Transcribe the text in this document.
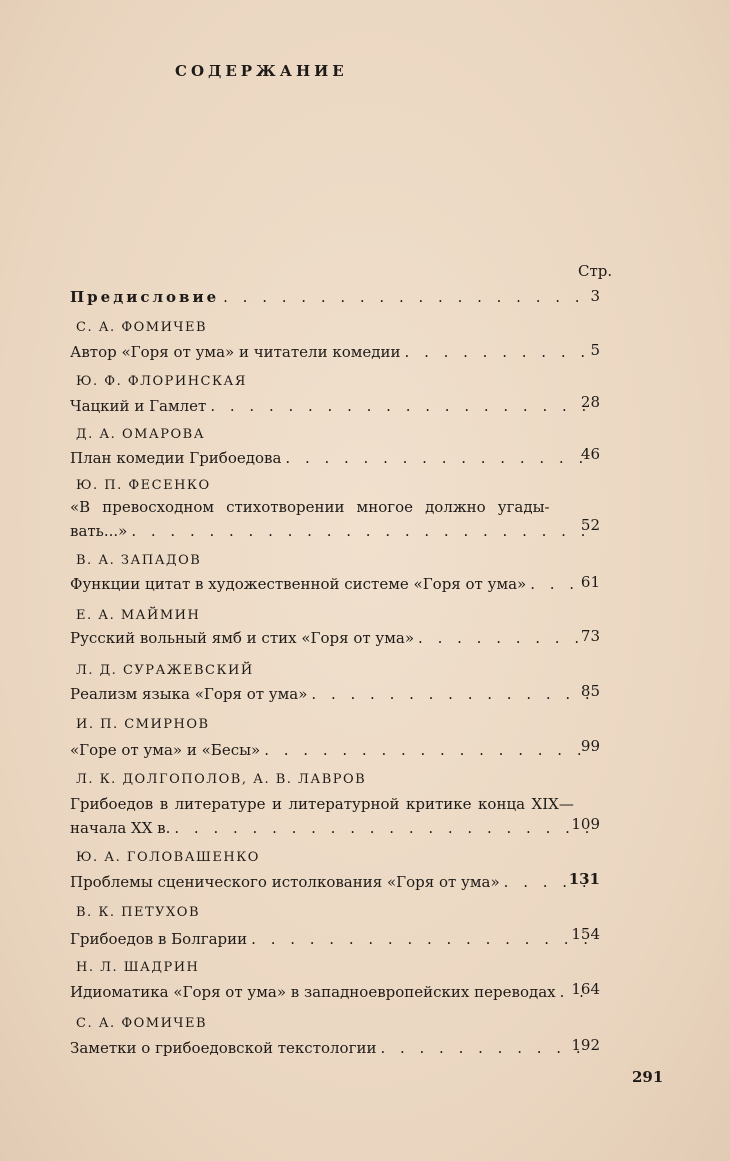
СОДЕРЖАНИЕ
Стр.
Предисловие . . .	3
С. А. ФОМИЧЕВ
Автор «Горя от ума» и читатели комедии . . .	5
Ю. Ф. ФЛОРИНСКАЯ
Чацкий и Гамлет . . .	28
Д. А. ОМАРОВА
План комедии Грибоедова . . .	46
Ю. П. ФЕСЕНКО
«В превосходном стихотворении многое должно угады-
вать...» . . .	52
В. А. ЗАПАДОВ
Функции цитат в художественной системе «Горя от ума» . . .	61
Е. А. МАЙМИН
Русский вольный ямб и стих «Горя от ума» . . .	73
Л. Д. СУРАЖЕВСКИЙ
Реализм языка «Горя от ума» . . .	85
И. П. СМИРНОВ
«Горе от ума» и «Бесы» . . .	99
Л. К. ДОЛГОПОЛОВ, А. В. ЛАВРОВ
Грибоедов в литературе и литературной критике конца XIX—
начала XX в. . . .	109
Ю. А. ГОЛОВАШЕНКО
Проблемы сценического истолкования «Горя от ума» . . .	131
В. К. ПЕТУХОВ
Грибоедов в Болгарии . . .	154
Н. Л. ШАДРИН
Идиоматика «Горя от ума» в западноевропейских переводах . . .	164
С. А. ФОМИЧЕВ
Заметки о грибоедовской текстологии . . .	192
291
